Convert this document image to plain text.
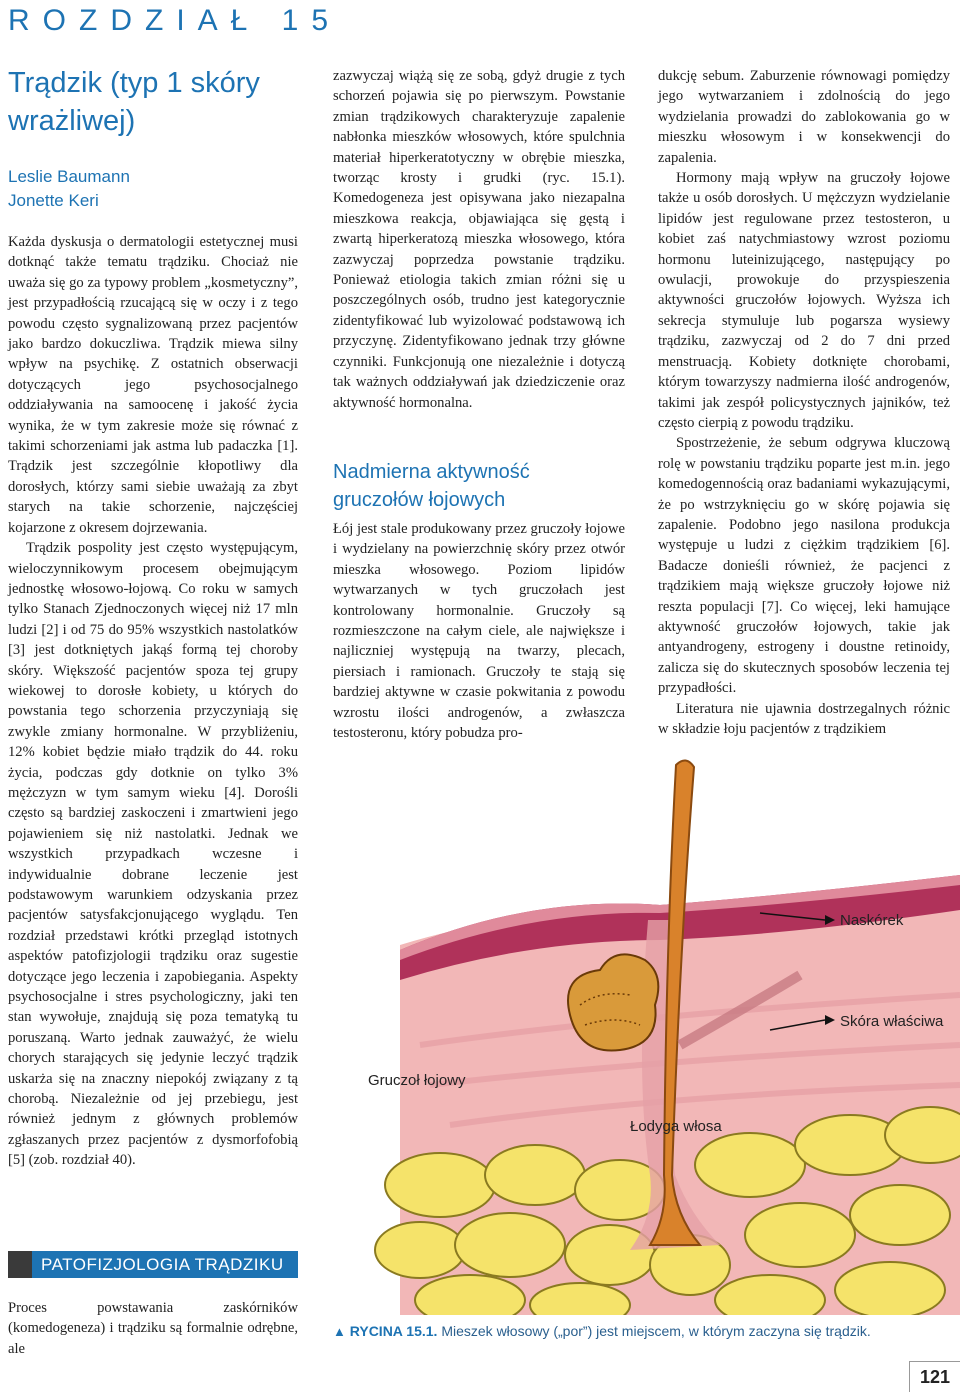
ROZDZIAŁ 15
Trądzik (typ 1 skóry wrażliwej)
Leslie Baumann
Jonette Keri

Każda dyskusja o dermatologii estetycznej musi dotknąć także tematu trądziku. Chociaż nie uważa się go za typowy problem „kosmetyczny”, jest przypadłością rzucającą się w oczy i z tego powodu często sygnalizowaną przez pacjentów jako bardzo dokuczliwa. Trądzik miewa silny wpływ na psychikę. Z ostatnich obserwacji dotyczących jego psychosocjalnego oddziaływania na samoocenę i jakość życia wynika, że w tym zakresie może się równać z takimi schorzeniami jak astma lub padaczka [1]. Trądzik jest szczególnie kłopotliwy dla dorosłych, którzy sami siebie uważają za zbyt starych na takie schorzenie, najczęściej kojarzone z okresem dojrzewania.

Trądzik pospolity jest często występującym, wieloczynnikowym procesem obejmującym jednostkę włosowo-łojową. Co roku w samych tylko Stanach Zjednoczonych więcej niż 17 mln ludzi [2] i od 75 do 95% wszystkich nastolatków [3] jest dotkniętych jakąś formą tej choroby skóry. Większość pacjentów spoza tej grupy wiekowej to dorosłe kobiety, u których do powstania tego schorzenia przyczyniają się zwykle zmiany hormonalne. W przybliżeniu, 12% kobiet będzie miało trądzik do 44. roku życia, podczas gdy dotknie on tylko 3% mężczyzn w tym samym wieku [4]. Dorośli często są bardziej zaskoczeni i zmartwieni jego pojawieniem się niż nastolatki. Jednak we wszystkich przypadkach wczesne i indywidualnie dobrane leczenie jest podstawowym warunkiem odzyskania przez pacjentów satysfakcjonującego wyglądu. Ten rozdział przedstawi krótki przegląd istotnych aspektów patofizjologii trądziku oraz sugestie dotyczące jego leczenia i zapobiegania. Aspekty psychosocjalne i stres psychologiczny, jaki ten stan wywołuje, znajdują się poza tematyką tu poruszaną. Warto jednak zauważyć, że wielu chorych starających się jedynie leczyć trądzik uskarża się na znaczny niepokój związany z tą chorobą. Niezależnie od jej przebiegu, jest również jednym z głównych problemów zgłaszanych przez pacjentów z dysmorfofobią [5] (zob. rozdział 40).

PATOFIZJOLOGIA TRĄDZIKU

Proces powstawania zaskórników (komedogeneza) i trądziku są formalnie odrębne, ale

zazwyczaj wiążą się ze sobą, gdyż drugie z tych schorzeń pojawia się po pierwszym. Powstanie zmian trądzikowych charakteryzuje zapalenie nabłonka mieszków włosowych, które spulchnia materiał hiperkeratotyczny w obrębie mieszka, tworząc krosty i grudki (ryc. 15.1). Komedogeneza jest opisywana jako niezapalna mieszkowa reakcja, objawiająca się gęstą i zwartą hiperkeratozą mieszka włosowego, która zazwyczaj poprzedza powstanie trądziku. Ponieważ etiologia takich zmian różni się u poszczególnych osób, trudno jest kategorycznie zidentyfikować lub wyizolować podstawową ich przyczynę. Zidentyfikowano jednak trzy główne czynniki. Funkcjonują one niezależnie i dotyczą tak ważnych oddziaływań jak dziedziczenie oraz aktywność hormonalna.

Nadmierna aktywność gruczołów łojowych

Łój jest stale produkowany przez gruczoły łojowe i wydzielany na powierzchnię skóry przez otwór mieszka włosowego. Poziom lipidów wytwarzanych w tych gruczołach jest kontrolowany hormonalnie. Gruczoły są rozmieszczone na całym ciele, ale największe i najliczniej występują na twarzy, plecach, piersiach i ramionach. Gruczoły te stają się bardziej aktywne w czasie pokwitania z powodu wzrostu ilości androgenów, a zwłaszcza testosteronu, który pobudza pro-

dukcję sebum. Zaburzenie równowagi pomiędzy jego wytwarzaniem i zdolnością do jego wydzielania prowadzi do zablokowania go w mieszku włosowym i w konsekwencji do zapalenia.

Hormony mają wpływ na gruczoły łojowe także u osób dorosłych. U mężczyzn wydzielanie lipidów jest regulowane przez testosteron, u kobiet zaś natychmiastowy wzrost poziomu hormonu luteinizującego, następujący po owulacji, prowokuje do przyspieszenia aktywności gruczołów łojowych. Wyższa ich sekrecja stymuluje lub pogarsza wysiewy trądziku, zazwyczaj od 2 do 7 dni przed menstruacją. Kobiety dotknięte chorobami, którym towarzyszy nadmierna ilość androgenów, takimi jak zespół policystycznych jajników, też często cierpią z powodu trądziku.

Spostrzeżenie, że sebum odgrywa kluczową rolę w powstaniu trądziku poparte jest m.in. jego komedogennością oraz badaniami wykazującymi, że po wstrzyknięciu go w skórę pojawia się zapalenie. Podobno jego nasilona produkcja występuje u ludzi z ciężkim trądzikiem [6]. Badacze donieśli również, że pacjenci z trądzikiem mają większe gruczoły łojowe niż reszta populacji [7]. Co więcej, leki hamujące aktywność gruczołów łojowych, takie jak antyandrogeny, estrogeny i doustne retinoidy, zalicza się do skutecznych sposobów leczenia tej przypadłości.

Literatura nie ujawnia dostrzegalnych różnic w składzie łoju pacjentów z trądzikiem

Naskórek
Skóra właściwa
Gruczoł łojowy
Łodyga włosa
▲ RYCINA 15.1. Mieszek włosowy („por”) jest miejscem, w którym zaczyna się trądzik.
121
